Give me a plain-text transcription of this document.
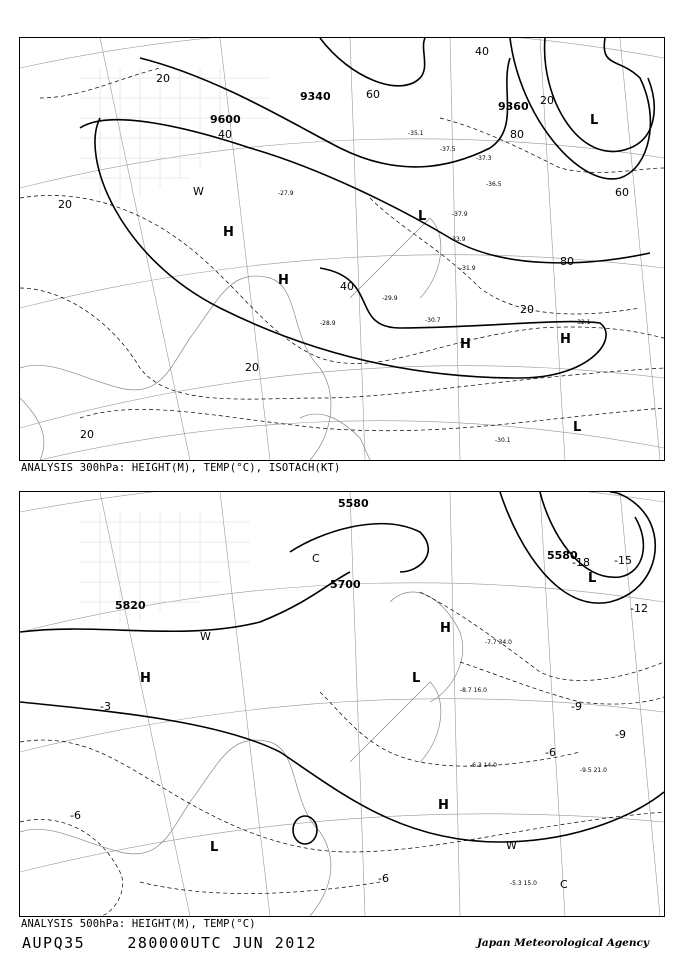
9600
9340
9360
20
40
60
80
20
40
60
80
20
40
20
20
20
-30.7	-32.1
-29.9
-37.3
-36.5
-33.9
-31.9
-30.1
-27.9
-28.9
-35.1
-37.5
-37.9
H
H
H	H
L
L
L
W
ANALYSIS 300hPa: HEIGHT(M), TEMP(°C), ISOTACH(KT)
5580
5700
5820
5580
-3
-6
-9
-12
-15
-18
-9
-6
-6	-5.3 15.0
-6.3 14.0
-7.7 34.0
-9.5 21.0
-8.7 16.0
H
H
H
L
L
L
C
C
W
W
ANALYSIS 500hPa: HEIGHT(M), TEMP(°C)
AUPQ35	280000UTC JUN 2012	Japan Meteorological Agency
